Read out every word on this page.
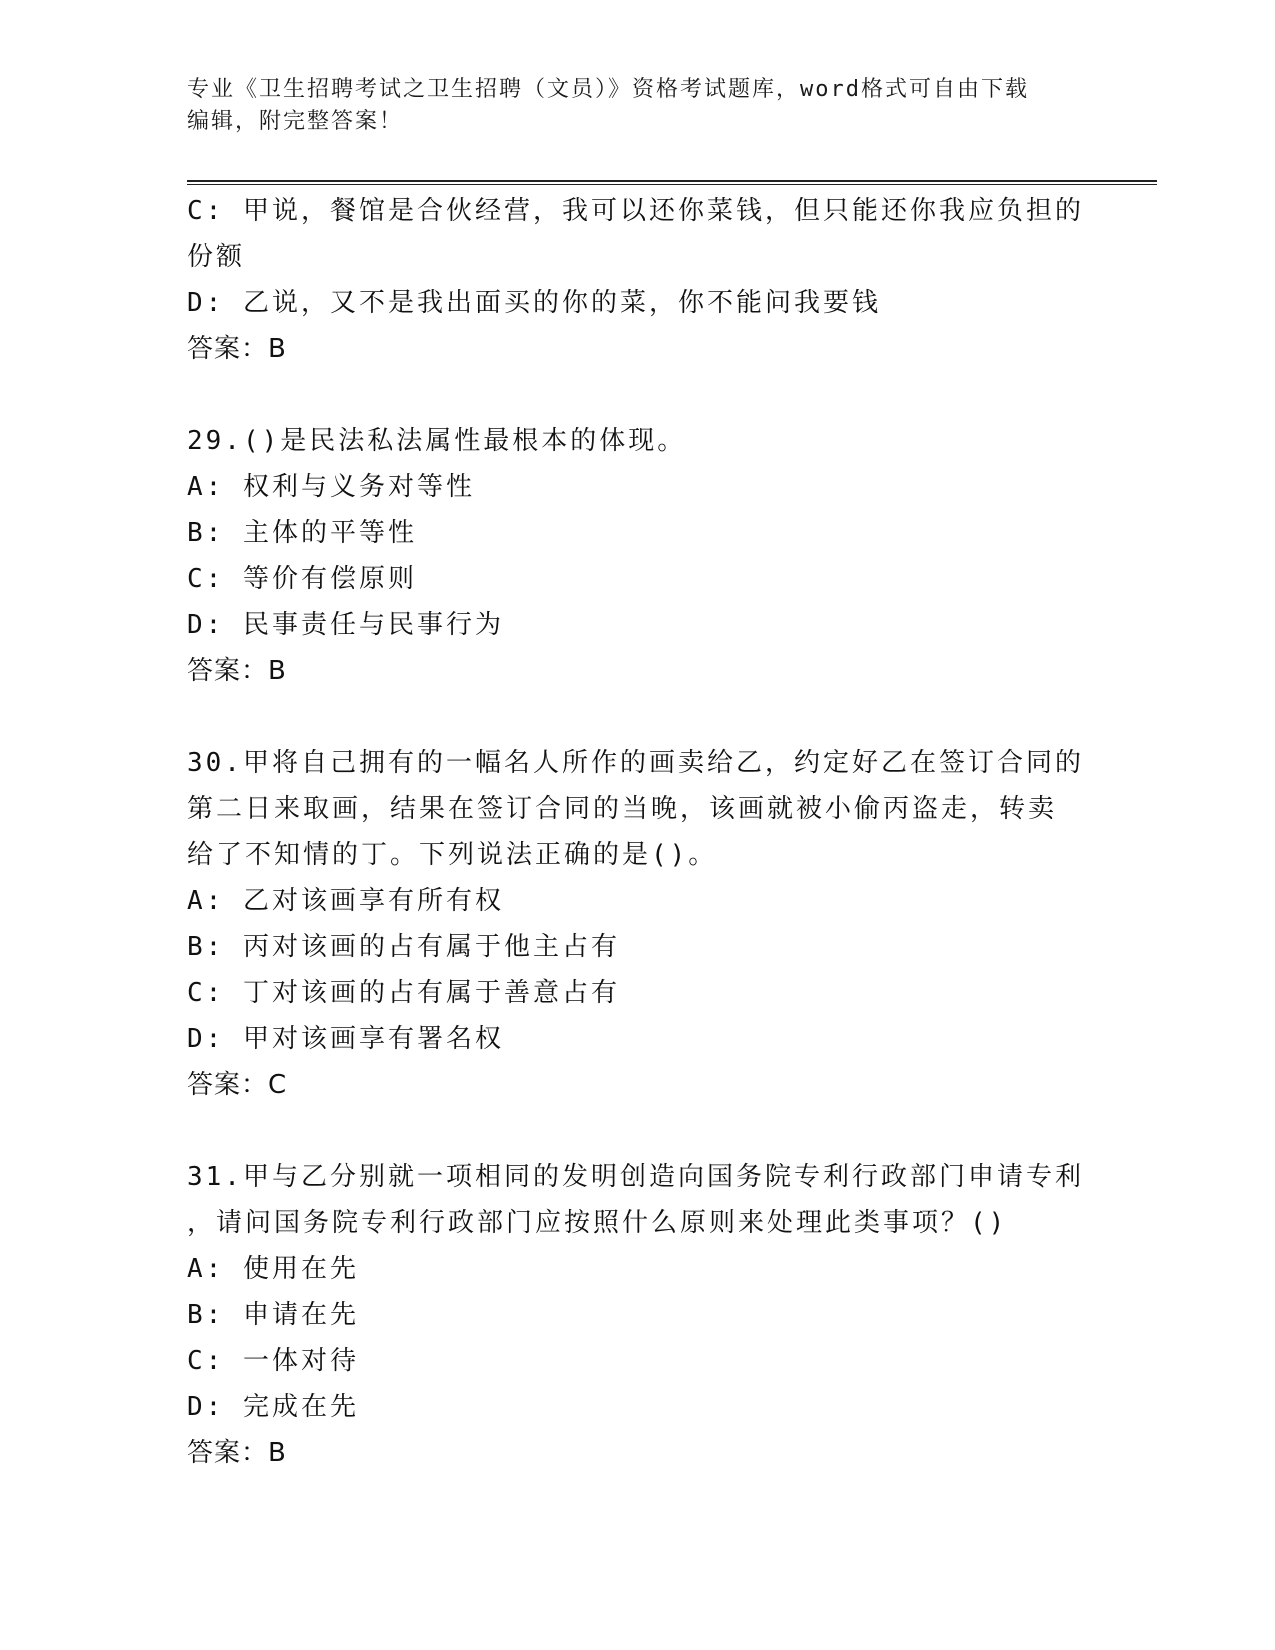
专业《卫生招聘考试之卫生招聘（文员）》资格考试题库，word格式可自由下载
编辑，附完整答案！
C: 甲说，餐馆是合伙经营，我可以还你菜钱，但只能还你我应负担的
份额
D: 乙说，又不是我出面买的你的菜，你不能问我要钱
答案：B
29.()是民法私法属性最根本的体现。
A: 权利与义务对等性
B: 主体的平等性
C: 等价有偿原则
D: 民事责任与民事行为
答案：B
30.甲将自己拥有的一幅名人所作的画卖给乙，约定好乙在签订合同的
第二日来取画，结果在签订合同的当晚，该画就被小偷丙盗走，转卖
给了不知情的丁。下列说法正确的是()。
A: 乙对该画享有所有权
B: 丙对该画的占有属于他主占有
C: 丁对该画的占有属于善意占有
D: 甲对该画享有署名权
答案：C
31.甲与乙分别就一项相同的发明创造向国务院专利行政部门申请专利
，请问国务院专利行政部门应按照什么原则来处理此类事项？()
A: 使用在先
B: 申请在先
C: 一体对待
D: 完成在先
答案：B
